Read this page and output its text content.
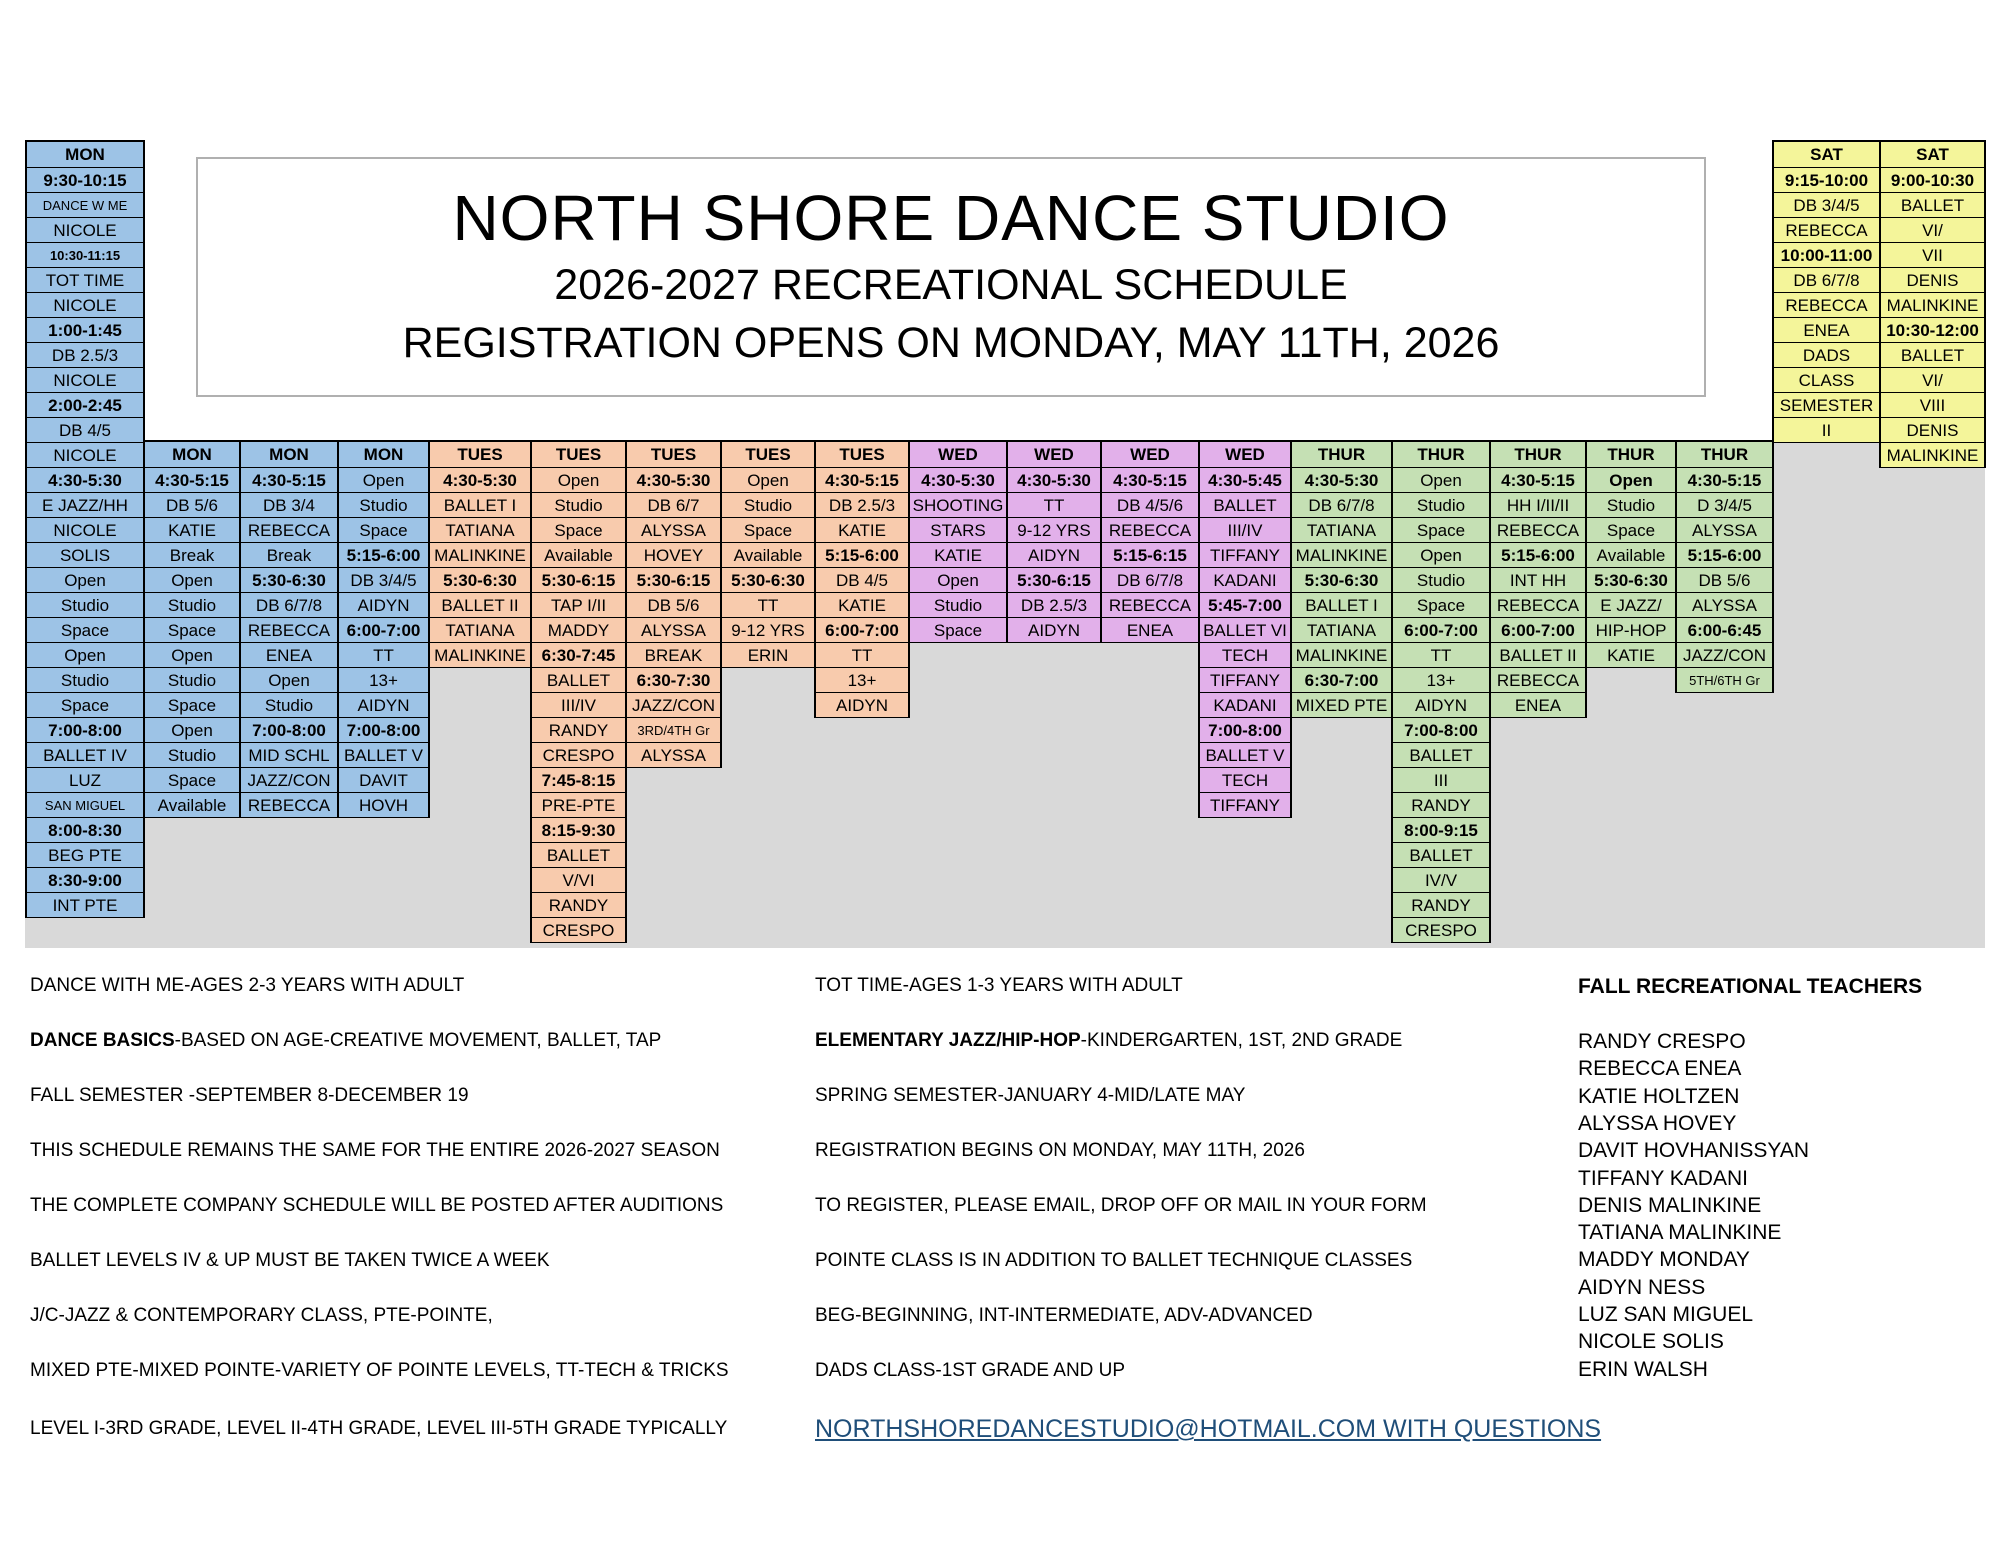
MON
9:30-10:15
DANCE W ME
NICOLE
10:30-11:15
TOT TIME
NICOLE
1:00-1:45
DB 2.5/3
NICOLE
2:00-2:45
DB 4/5
NICOLE
4:30-5:30
E JAZZ/HH
NICOLE
SOLIS
Open
Studio
Space
Open
Studio
Space
7:00-8:00
BALLET IV
LUZ
SAN MIGUEL
8:00-8:30
BEG PTE
8:30-9:00
INT PTE
MON
4:30-5:15
DB 5/6
KATIE
Break
Open
Studio
Space
Open
Studio
Space
Open
Studio
Space
Available
MON
4:30-5:15
DB 3/4
REBECCA
Break
5:30-6:30
DB 6/7/8
REBECCA
ENEA
Open
Studio
7:00-8:00
MID SCHL
JAZZ/CON
REBECCA
MON
Open
Studio
Space
5:15-6:00
DB 3/4/5
AIDYN
6:00-7:00
TT
13+
AIDYN
7:00-8:00
BALLET V
DAVIT
HOVH
TUES
4:30-5:30
BALLET I
TATIANA
MALINKINE
5:30-6:30
BALLET II
TATIANA
MALINKINE
TUES
Open
Studio
Space
Available
5:30-6:15
TAP I/II
MADDY
6:30-7:45
BALLET
III/IV
RANDY
CRESPO
7:45-8:15
PRE-PTE
8:15-9:30
BALLET
V/VI
RANDY
CRESPO
TUES
4:30-5:30
DB 6/7
ALYSSA
HOVEY
5:30-6:15
DB 5/6
ALYSSA
BREAK
6:30-7:30
JAZZ/CON
3RD/4TH Gr
ALYSSA
TUES
Open
Studio
Space
Available
5:30-6:30
TT
9-12 YRS
ERIN
TUES
4:30-5:15
DB 2.5/3
KATIE
5:15-6:00
DB 4/5
KATIE
6:00-7:00
TT
13+
AIDYN
WED
4:30-5:30
SHOOTING
STARS
KATIE
Open
Studio
Space
WED
4:30-5:30
TT
9-12 YRS
AIDYN
5:30-6:15
DB 2.5/3
AIDYN
WED
4:30-5:15
DB 4/5/6
REBECCA
5:15-6:15
DB 6/7/8
REBECCA
ENEA
WED
4:30-5:45
BALLET
III/IV
TIFFANY
KADANI
5:45-7:00
BALLET VI
TECH
TIFFANY
KADANI
7:00-8:00
BALLET V
TECH
TIFFANY
THUR
4:30-5:30
DB 6/7/8
TATIANA
MALINKINE
5:30-6:30
BALLET I
TATIANA
MALINKINE
6:30-7:00
MIXED PTE
THUR
Open
Studio
Space
Open
Studio
Space
6:00-7:00
TT
13+
AIDYN
7:00-8:00
BALLET
III
RANDY
8:00-9:15
BALLET
IV/V
RANDY
CRESPO
THUR
4:30-5:15
HH I/II/II
REBECCA
5:15-6:00
INT HH
REBECCA
6:00-7:00
BALLET II
REBECCA
ENEA
THUR
Open
Studio
Space
Available
5:30-6:30
E JAZZ/
HIP-HOP
KATIE
THUR
4:30-5:15
D 3/4/5
ALYSSA
5:15-6:00
DB 5/6
ALYSSA
6:00-6:45
JAZZ/CON
5TH/6TH Gr
SAT
9:15-10:00
DB 3/4/5
REBECCA
10:00-11:00
DB 6/7/8
REBECCA
ENEA
DADS
CLASS
SEMESTER
II
SAT
9:00-10:30
BALLET
VI/
VII
DENIS
MALINKINE
10:30-12:00
BALLET
VI/
VIII
DENIS
MALINKINE
NORTH SHORE DANCE STUDIO
2026-2027 RECREATIONAL SCHEDULE
REGISTRATION OPENS ON MONDAY, MAY 11TH, 2026
DANCE WITH ME-AGES 2-3 YEARS WITH ADULT
DANCE BASICS-BASED ON AGE-CREATIVE MOVEMENT, BALLET, TAP
FALL SEMESTER -SEPTEMBER 8-DECEMBER 19
THIS SCHEDULE REMAINS THE SAME FOR THE ENTIRE 2026-2027 SEASON
THE COMPLETE COMPANY SCHEDULE WILL BE POSTED AFTER AUDITIONS
BALLET LEVELS IV & UP MUST BE TAKEN TWICE A WEEK
J/C-JAZZ & CONTEMPORARY CLASS, PTE-POINTE,
MIXED PTE-MIXED POINTE-VARIETY OF POINTE LEVELS, TT-TECH & TRICKS
LEVEL I-3RD GRADE, LEVEL II-4TH GRADE, LEVEL III-5TH GRADE TYPICALLY
TOT TIME-AGES 1-3 YEARS WITH ADULT
ELEMENTARY JAZZ/HIP-HOP-KINDERGARTEN, 1ST, 2ND GRADE
SPRING SEMESTER-JANUARY 4-MID/LATE MAY
REGISTRATION BEGINS ON MONDAY, MAY 11TH, 2026
TO REGISTER, PLEASE EMAIL, DROP OFF OR MAIL IN YOUR FORM
POINTE CLASS IS IN ADDITION TO BALLET TECHNIQUE CLASSES
BEG-BEGINNING, INT-INTERMEDIATE, ADV-ADVANCED
DADS CLASS-1ST GRADE AND UP
NORTHSHOREDANCESTUDIO@HOTMAIL.COM WITH QUESTIONS
FALL RECREATIONAL TEACHERS
RANDY CRESPO
REBECCA ENEA
KATIE HOLTZEN
ALYSSA HOVEY
DAVIT HOVHANISSYAN
TIFFANY KADANI
DENIS MALINKINE
TATIANA MALINKINE
MADDY MONDAY
AIDYN NESS
LUZ SAN MIGUEL
NICOLE SOLIS
ERIN WALSH
